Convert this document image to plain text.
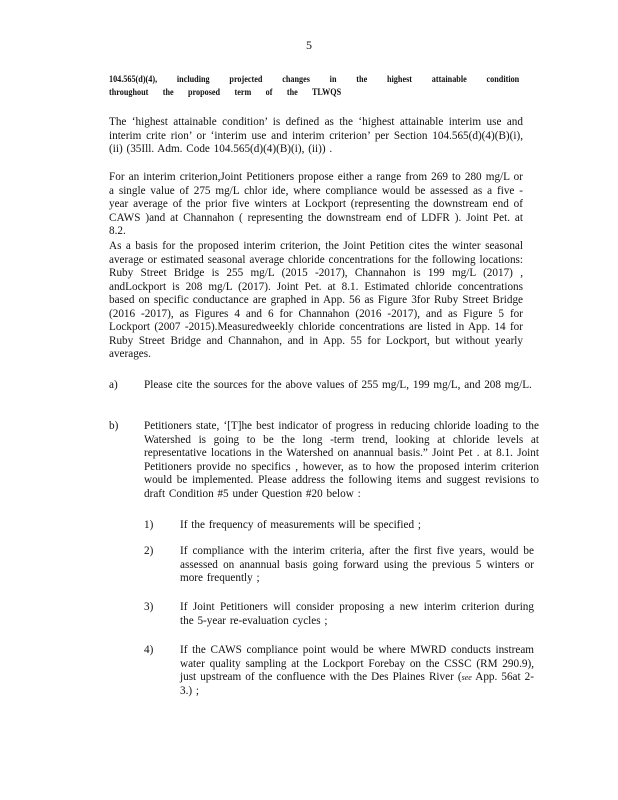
5
104.565(d)(4), including projected changes in the highest attainable condition
throughout the proposed term of the TLWQS
The ‘highest attainable condition’ is defined as the ‘highest attainable interim use and interim crite rion’ or ‘interim use and interim criterion’ per Section 104.565(d)(4)(B)(i), (ii) (35Ill. Adm. Code 104.565(d)(4)(B)(i), (ii)) .
For an interim criterion,Joint Petitioners propose either a range from 269 to 280 mg/L or a single value of 275 mg/L chlor ide, where compliance would be assessed as a five -year average of the prior five winters at Lockport (representing the downstream end of CAWS )and at Channahon ( representing the downstream end of LDFR ). Joint Pet. at 8.2.
As a basis for the proposed interim criterion, the Joint Petition cites the winter seasonal average or estimated seasonal average chloride concentrations for the following locations: Ruby Street Bridge is 255 mg/L (2015 -2017), Channahon is 199 mg/L (2017) , andLockport is 208 mg/L (2017). Joint Pet. at 8.1. Estimated chloride concentrations based on specific conductance are graphed in App. 56 as Figure 3for Ruby Street Bridge (2016 -2017), as Figures 4 and 6 for Channahon (2016 -2017), and as Figure 5 for Lockport (2007 -2015).Measuredweekly chloride concentrations are listed in App. 14 for Ruby Street Bridge and Channahon, and in App. 55 for Lockport, but without yearly averages.
a) Please cite the sources for the above values of 255 mg/L, 199 mg/L, and 208 mg/L.
b) Petitioners state, ‘[T]he best indicator of progress in reducing chloride loading to the Watershed is going to be the long -term trend, looking at chloride levels at representative locations in the Watershed on anannual basis.” Joint Pet . at 8.1. Joint Petitioners provide no specifics , however, as to how the proposed interim criterion would be implemented. Please address the following items and suggest revisions to draft Condition #5 under Question #20 below :
1) If the frequency of measurements will be specified ;
2) If compliance with the interim criteria, after the first five years, would be assessed on anannual basis going forward using the previous 5 winters or more frequently ;
3) If Joint Petitioners will consider proposing a new interim criterion during the 5-year re-evaluation cycles ;
4) If the CAWS compliance point would be where MWRD conducts instream water quality sampling at the Lockport Forebay on the CSSC (RM 290.9), just upstream of the confluence with the Des Plaines River (see App. 56at 2- 3.) ;
